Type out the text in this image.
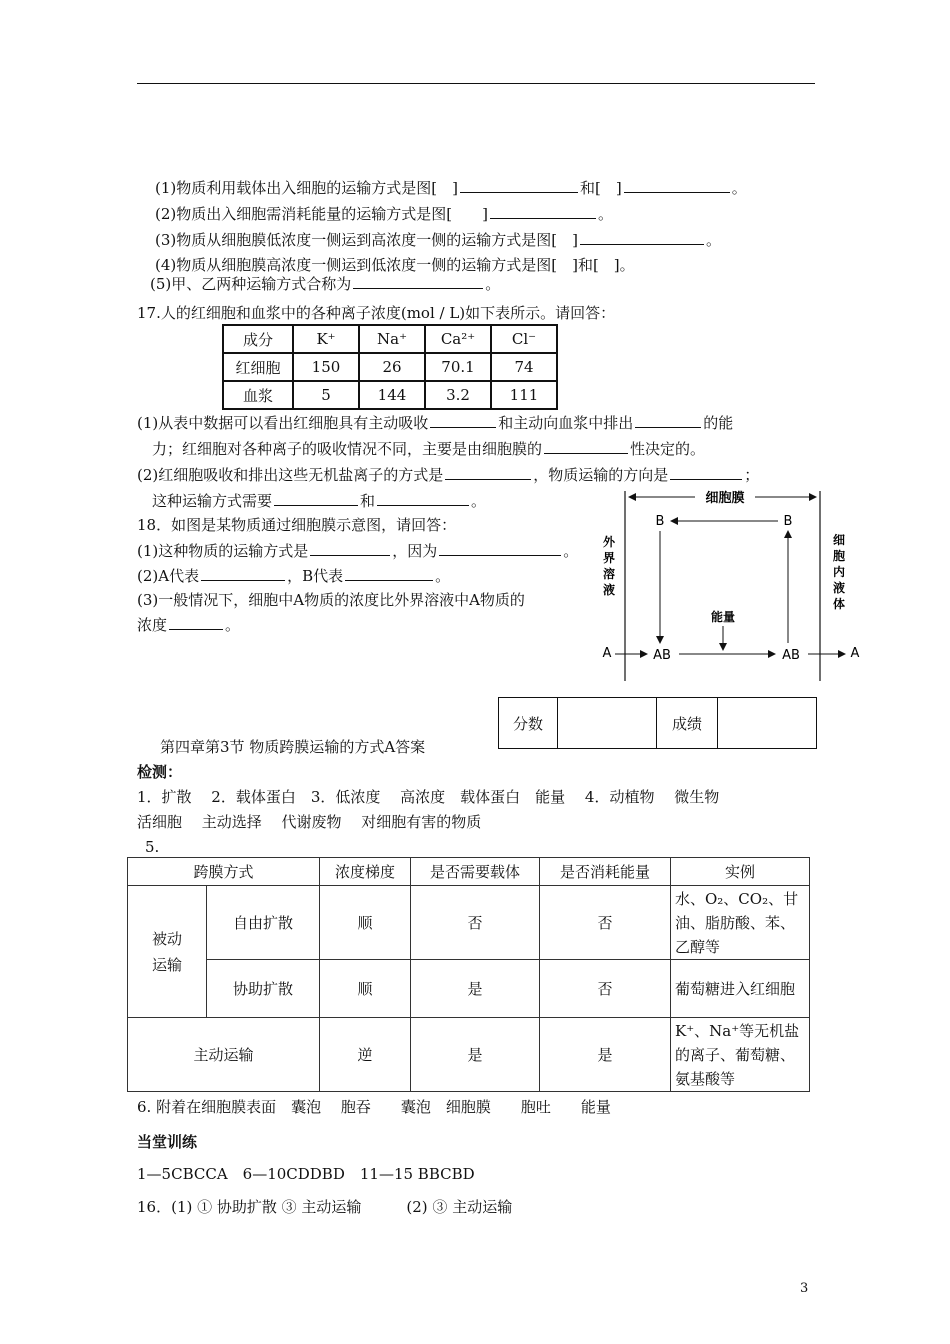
(1)物质利用载体出入细胞的运输方式是图[　]	和[　]	。
(2)物质出入细胞需消耗能量的运输方式是图[　　]	。
(3)物质从细胞膜低浓度一侧运到高浓度一侧的运输方式是图[　]	。
(4)物质从细胞膜高浓度一侧运到低浓度一侧的运输方式是图[　]和[　]。
(5)甲、乙两种运输方式合称为	。
17.人的红细胞和血浆中的各种离子浓度(mol / L)如下表所示。请回答：
成分	K⁺	Na⁺	Ca²⁺	Cl⁻
红细胞	150	26	70.1	74
血浆	5	144	3.2	111
(1)从表中数据可以看出红细胞具有主动吸收	和主动向血浆中排出	的能
力；红细胞对各种离子的吸收情况不同，主要是由细胞膜的	性决定的。
(2)红细胞吸收和排出这些无机盐离子的方式是	，物质运输的方向是	；
这种运输方式需要	和	。
18．如图是某物质通过细胞膜示意图，请回答：
(1)这种物质的运输方式是	，因为	。
(2)A代表	，B代表	。
(3)一般情况下，细胞中A物质的浓度比外界溶液中A物质的
浓度	。
细胞膜
外
界
溶
液
细
胞
内
液
体
B	B
能量
A	AB	AB	A
分数		成绩	
第四章第3节 物质跨膜运输的方式A答案
检测：
1．扩散　 2．载体蛋白　3．低浓度　 高浓度　载体蛋白　能量　 4．动植物　 微生物
活细胞　 主动选择　 代谢废物　 对细胞有害的物质
5.
跨膜方式		浓度梯度	是否需要载体	是否消耗能量	实例
被动运输	自由扩散	顺	否	否	水、O₂、CO₂、甘油、脂肪酸、苯、乙醇等
	协助扩散	顺	是	否	葡萄糖进入红细胞
主动运输		逆	是	是	K⁺、Na⁺等无机盐的离子、葡萄糖、氨基酸等
6. 附着在细胞膜表面　囊泡　 胞吞　　囊泡　细胞膜　　胞吐　　能量
当堂训练
1—5CBCCA　6—10CDDBD　11—15 BBCBD
16．(1) ① 协助扩散 ③ 主动运输　　　(2) ③ 主动运输
3
